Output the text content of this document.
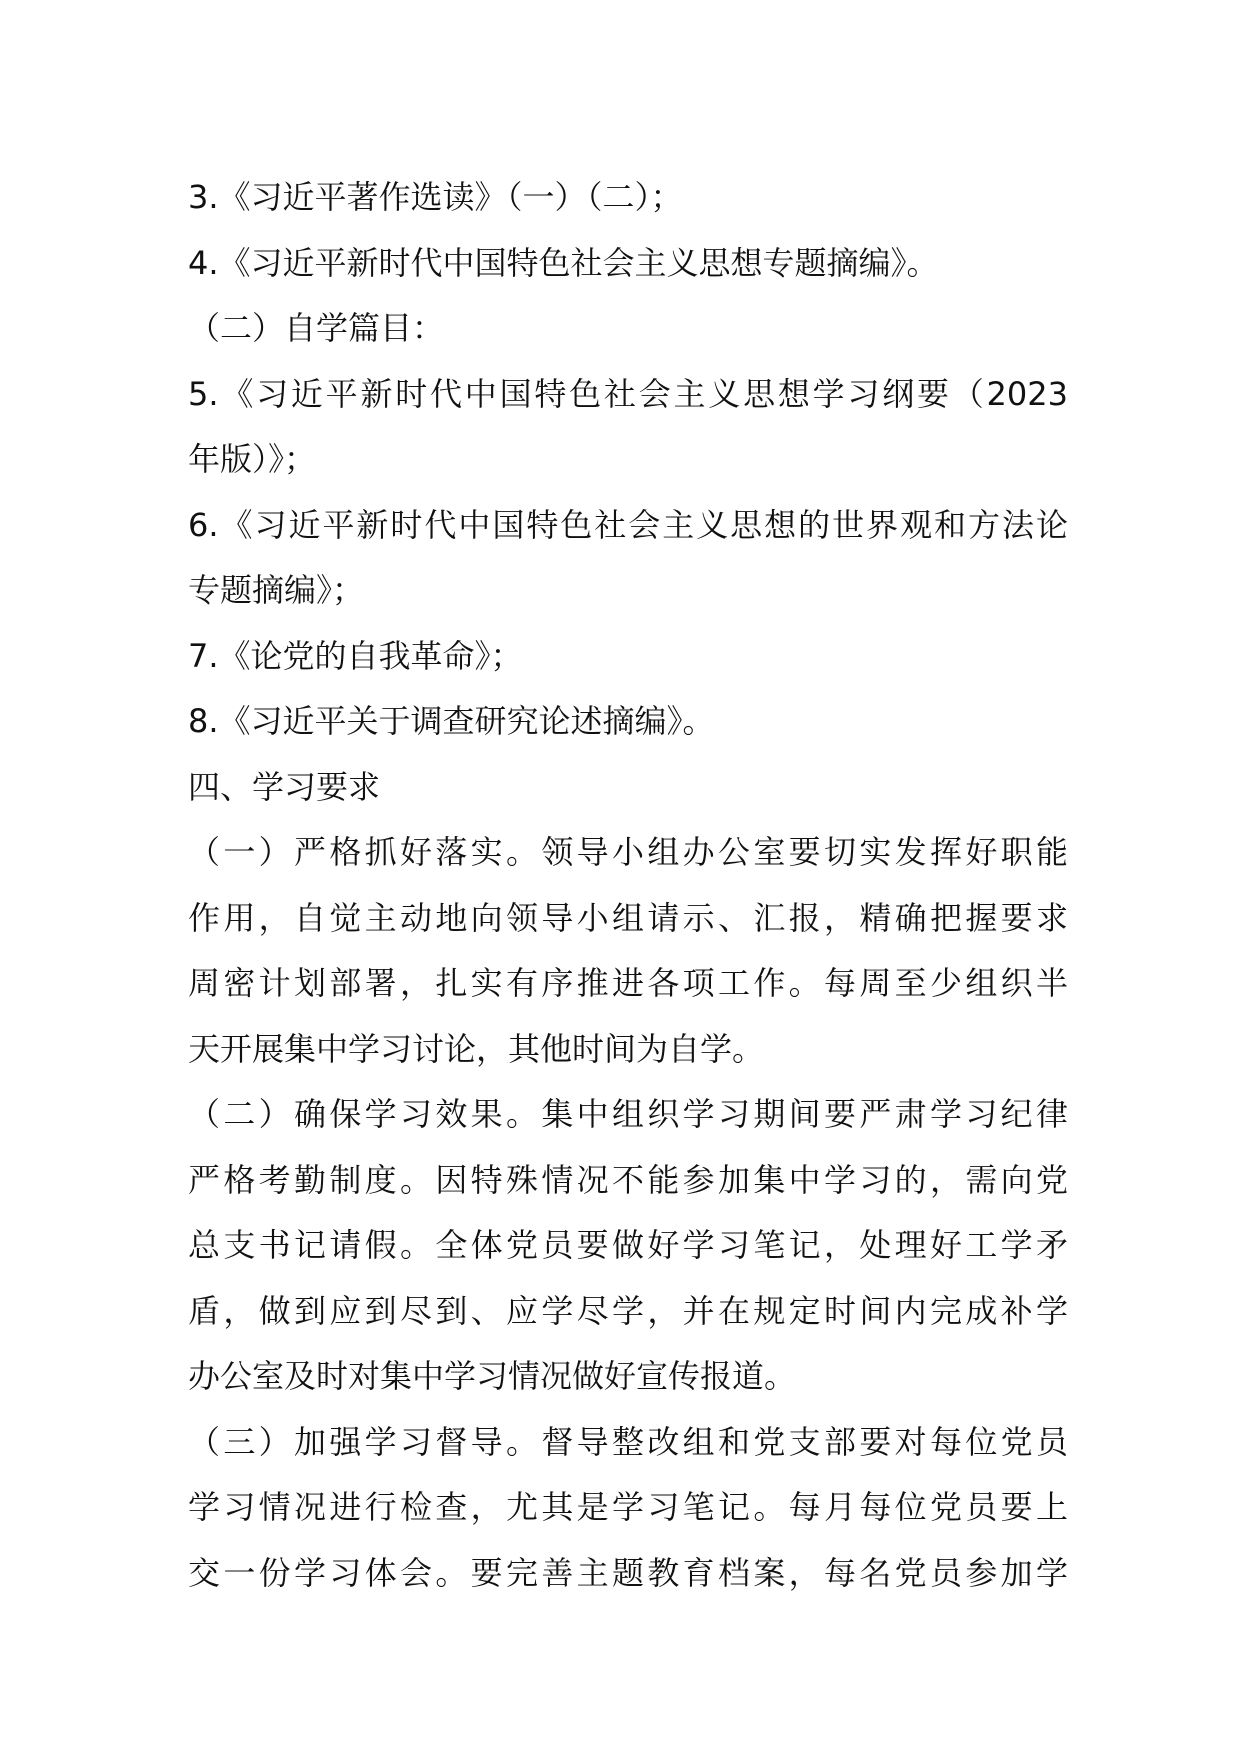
3.《习近平著作选读》（一）（二）；
4.《习近平新时代中国特色社会主义思想专题摘编》。
（二）自学篇目：
5.《习近平新时代中国特色社会主义思想学习纲要（2023
年版）》；
6.《习近平新时代中国特色社会主义思想的世界观和方法论
专题摘编》；
7.《论党的自我革命》；
8.《习近平关于调查研究论述摘编》。
四、学习要求
（一）严格抓好落实。领导小组办公室要切实发挥好职能
作用，自觉主动地向领导小组请示、汇报，精确把握要求
周密计划部署，扎实有序推进各项工作。每周至少组织半
天开展集中学习讨论，其他时间为自学。
（二）确保学习效果。集中组织学习期间要严肃学习纪律
严格考勤制度。因特殊情况不能参加集中学习的，需向党
总支书记请假。全体党员要做好学习笔记，处理好工学矛
盾，做到应到尽到、应学尽学，并在规定时间内完成补学
办公室及时对集中学习情况做好宣传报道。
（三）加强学习督导。督导整改组和党支部要对每位党员
学习情况进行检查，尤其是学习笔记。每月每位党员要上
交一份学习体会。要完善主题教育档案，每名党员参加学
